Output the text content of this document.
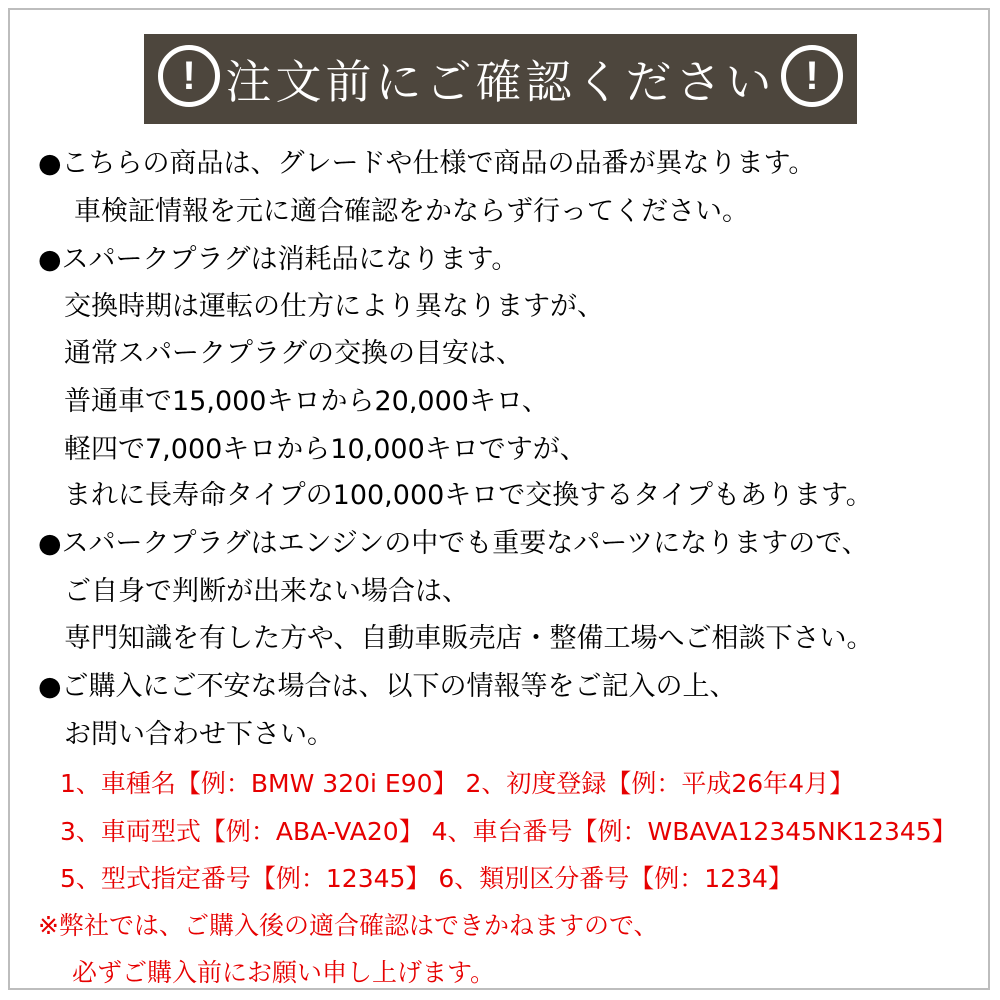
! 注文前にご確認ください !
●こちらの商品は、グレードや仕様で商品の品番が異なります。
車検証情報を元に適合確認をかならず行ってください。
●スパークプラグは消耗品になります。
交換時期は運転の仕方により異なりますが、
通常スパークプラグの交換の目安は、
普通車で15,000キロから20,000キロ、
軽四で7,000キロから10,000キロですが、
まれに長寿命タイプの100,000キロで交換するタイプもあります。
●スパークプラグはエンジンの中でも重要なパーツになりますので、
ご自身で判断が出来ない場合は、
専門知識を有した方や、自動車販売店・整備工場へご相談下さい。
●ご購入にご不安な場合は、以下の情報等をご記入の上、
お問い合わせ下さい。
1、車種名【例：BMW 320i E90】 2、初度登録【例：平成26年4月】
3、車両型式【例：ABA-VA20】 4、車台番号【例：WBAVA12345NK12345】
5、型式指定番号【例：12345】 6、類別区分番号【例：1234】
※弊社では、ご購入後の適合確認はできかねますので、
必ずご購入前にお願い申し上げます。
